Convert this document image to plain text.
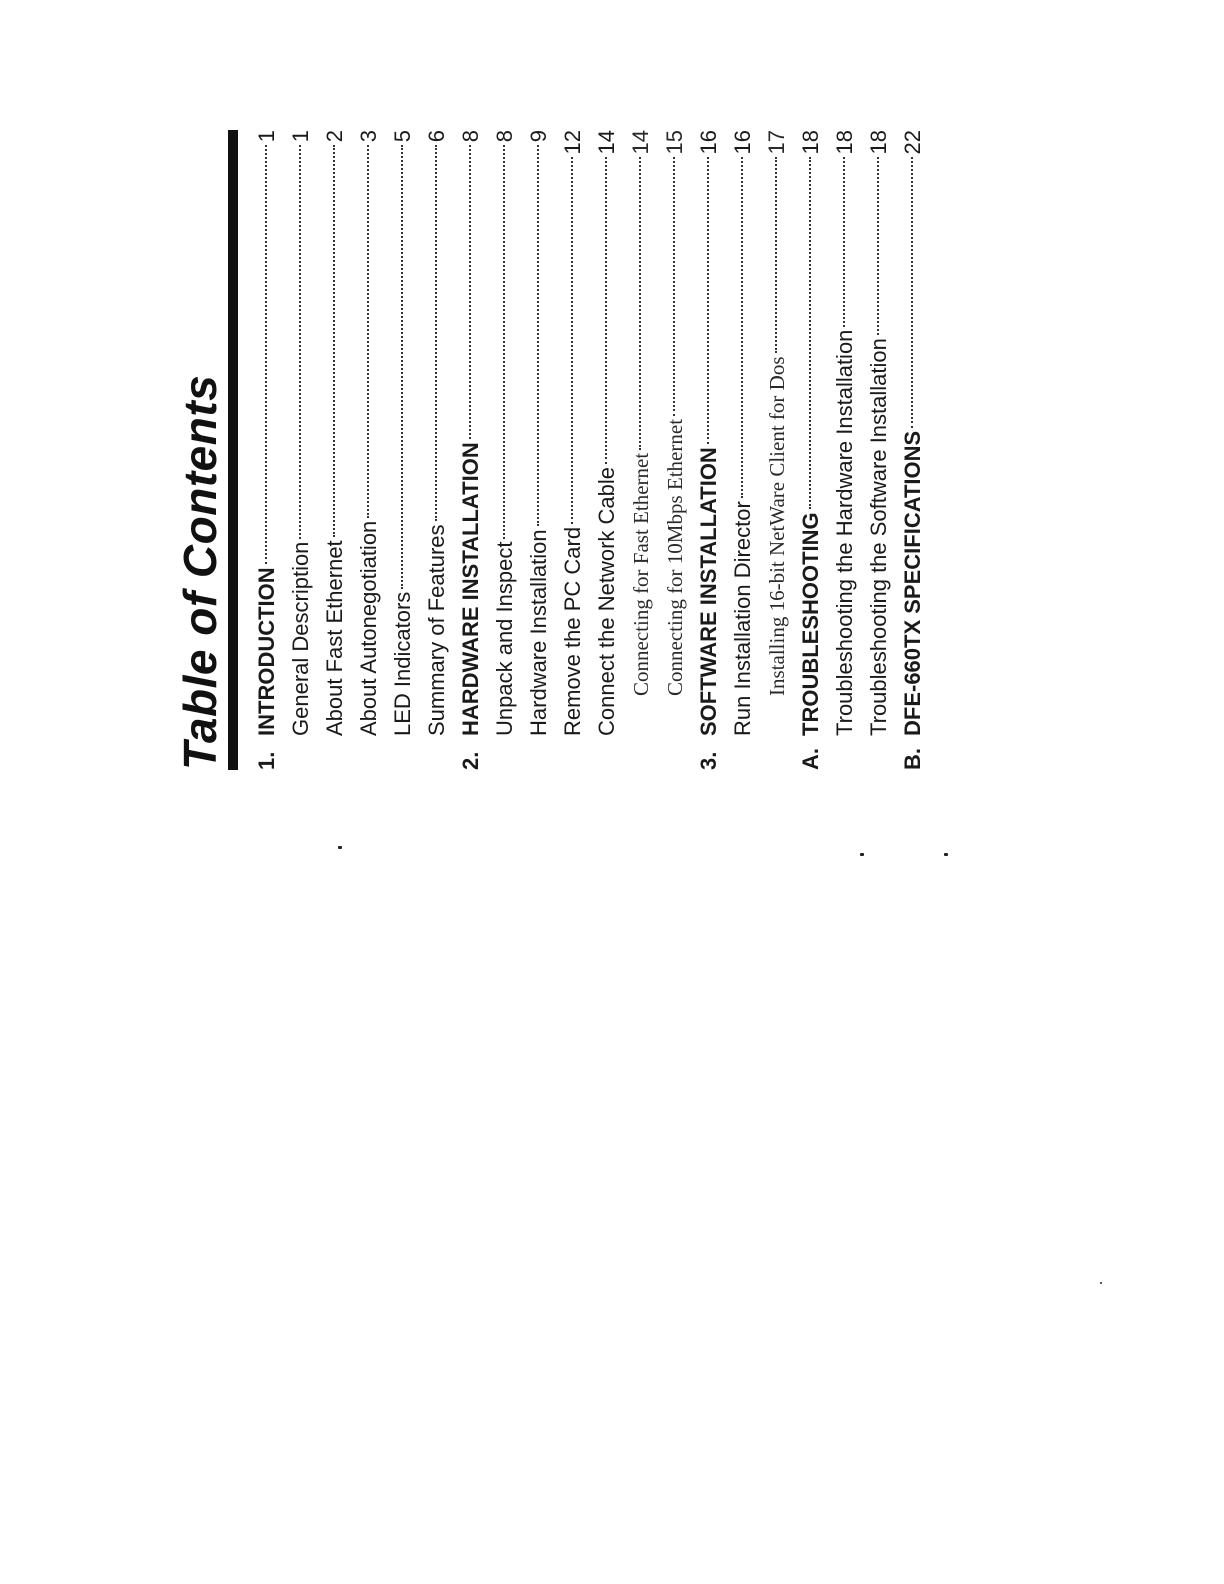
Table of Contents 1.
INTRODUCTION
1
General Description
1
About Fast Ethernet
2
About Autonegotiation
3
LED Indicators
5
Summary of Features
6
2.
HARDWARE INSTALLATION
8
Unpack and Inspect
8
Hardware Installation
9
Remove the PC Card
12
Connect the Network Cable
14
Connecting for Fast Ethernet
14
Connecting for 10Mbps Ethernet
15
3.
SOFTWARE INSTALLATION
16
Run Installation Director
16
Installing 16-bit NetWare Client for Dos
17
A.
TROUBLESHOOTING
18
Troubleshooting the Hardware Installation
18
Troubleshooting the Software Installation
18
B.
DFE-660TX SPECIFICATIONS
22
